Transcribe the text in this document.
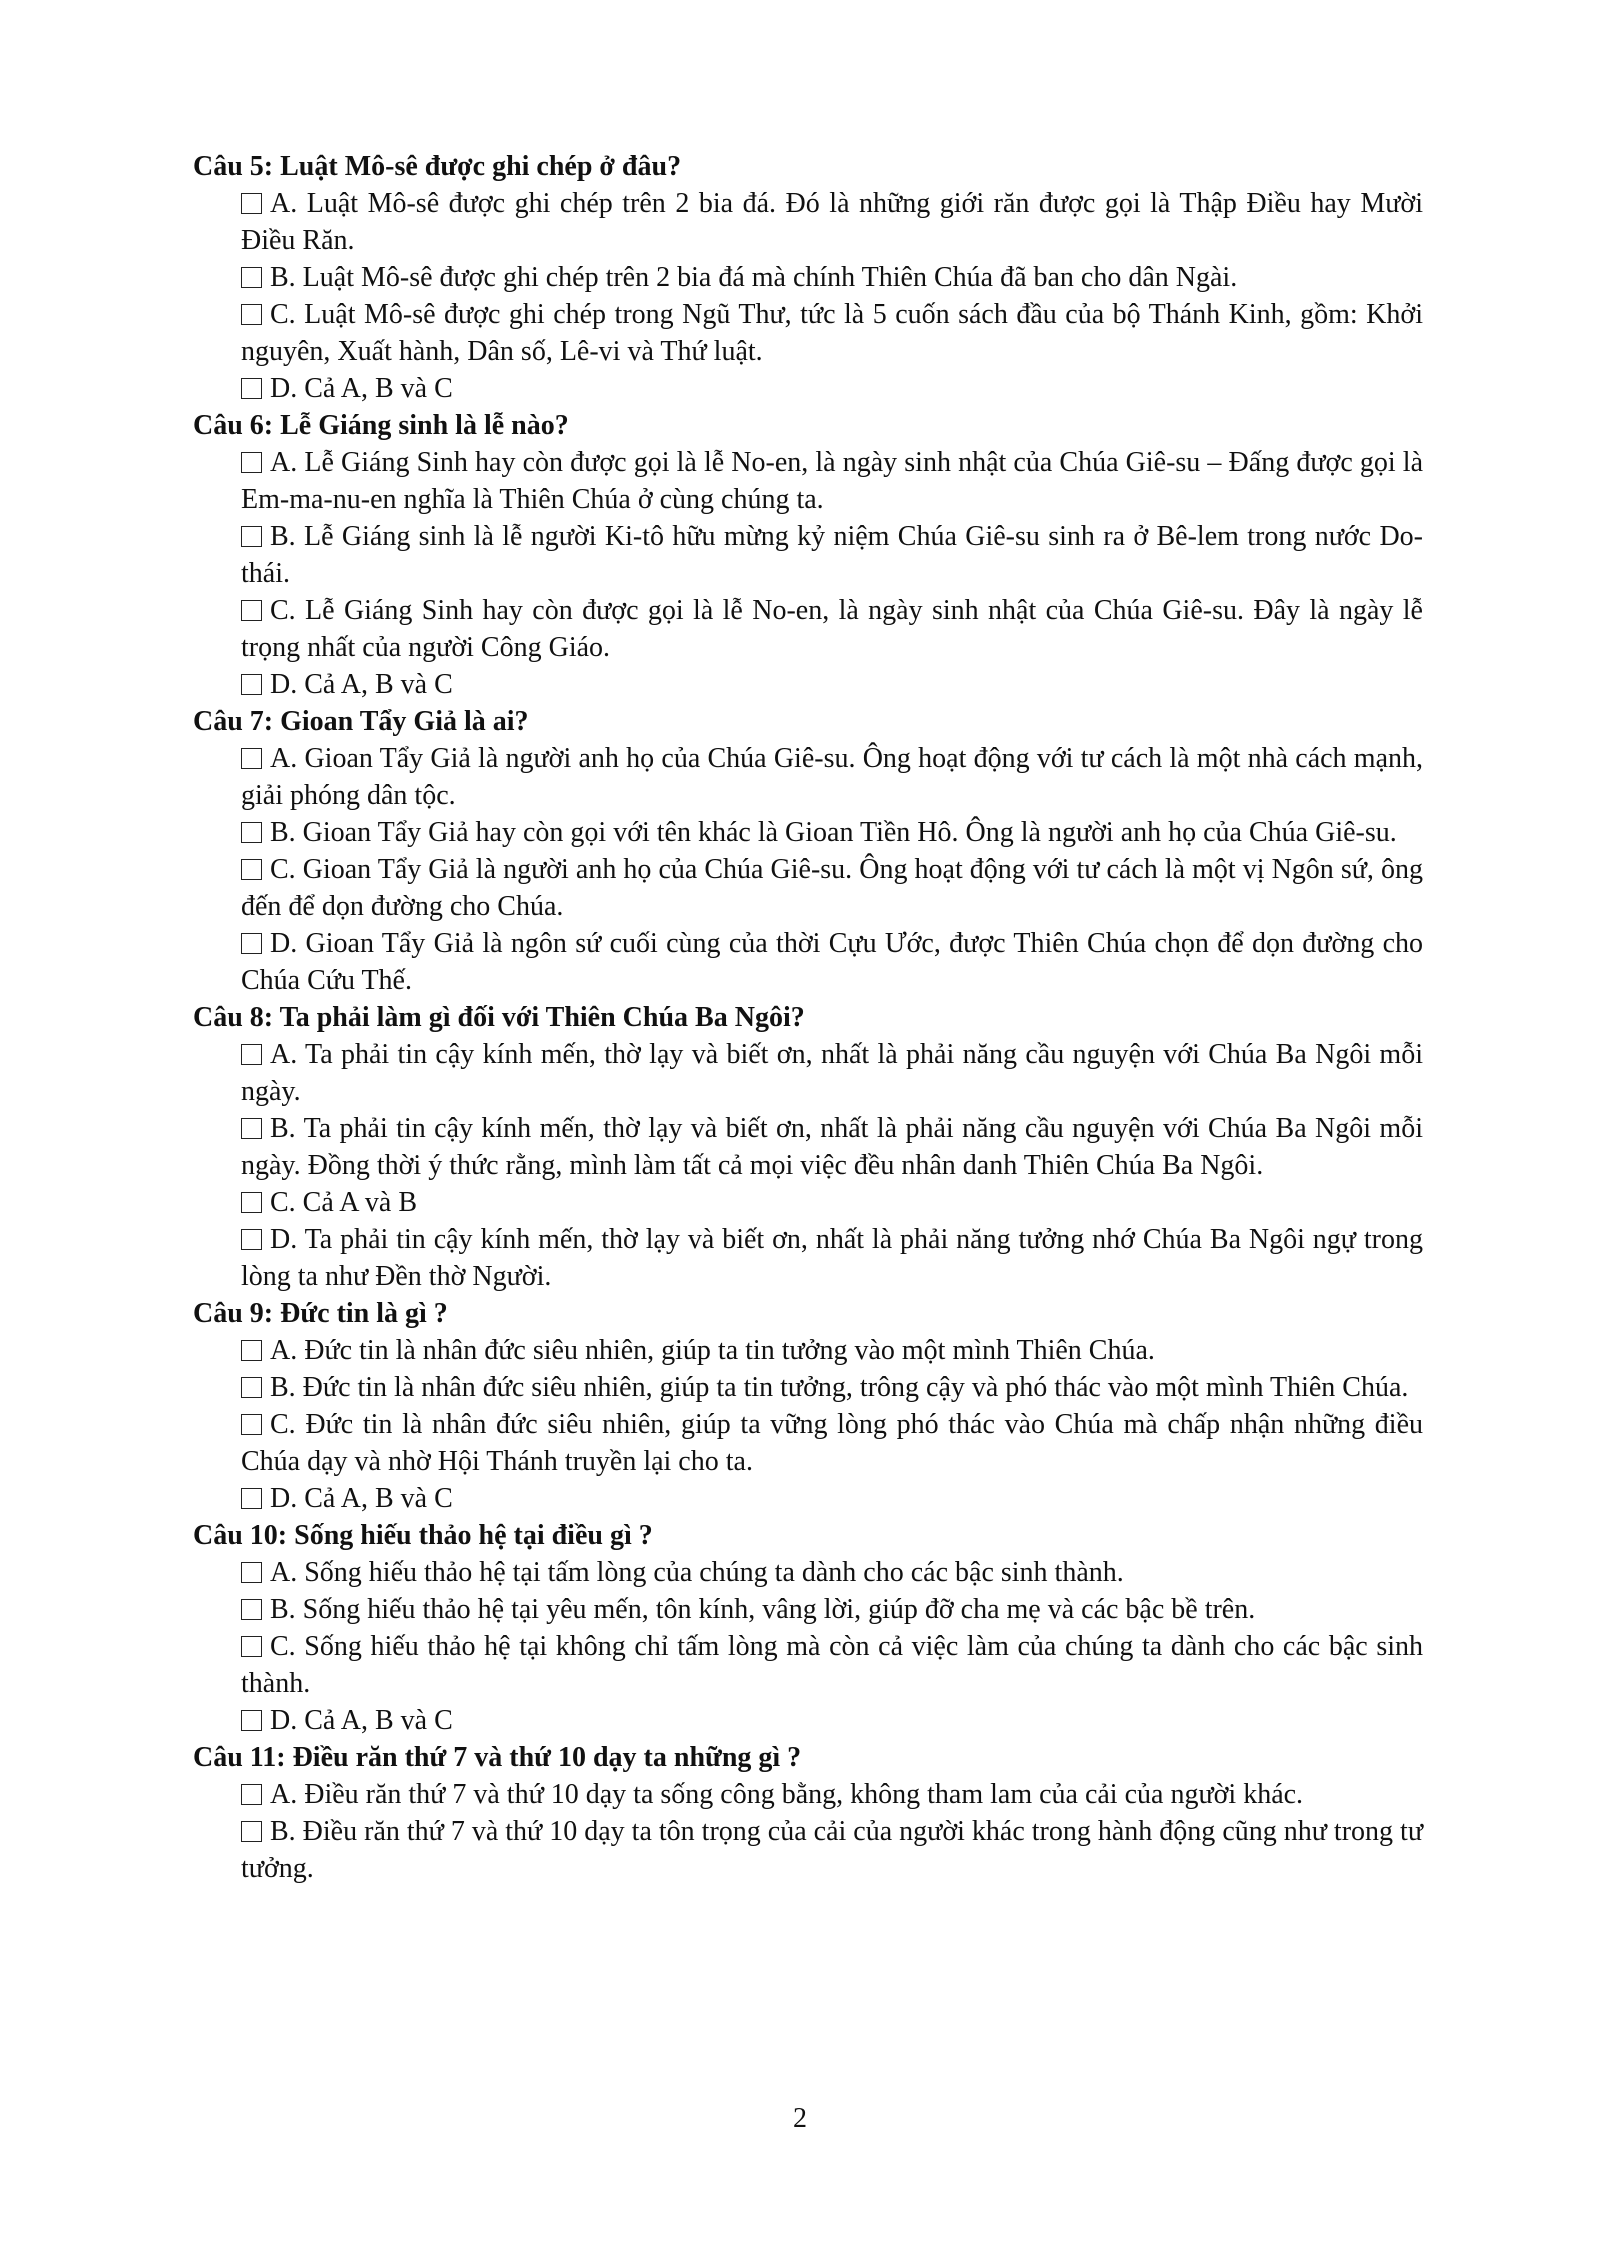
Câu 5: Luật Mô-sê được ghi chép ở đâu?

A. Luật Mô-sê được ghi chép trên 2 bia đá. Đó là những giới răn được gọi là Thập Điều hay Mười Điều Răn.

B. Luật Mô-sê được ghi chép trên 2 bia đá mà chính Thiên Chúa đã ban cho dân Ngài.

C. Luật Mô-sê được ghi chép trong Ngũ Thư, tức là 5 cuốn sách đầu của bộ Thánh Kinh, gồm: Khởi nguyên, Xuất hành, Dân số, Lê-vi và Thứ luật.

D. Cả A, B và C

Câu 6: Lễ Giáng sinh là lễ nào?

A. Lễ Giáng Sinh hay còn được gọi là lễ No-en, là ngày sinh nhật của Chúa Giê-su – Đấng được gọi là Em-ma-nu-en nghĩa là Thiên Chúa ở cùng chúng ta.

B. Lễ Giáng sinh là lễ người Ki-tô hữu mừng kỷ niệm Chúa Giê-su sinh ra ở Bê-lem trong nước Do-thái.

C. Lễ Giáng Sinh hay còn được gọi là lễ No-en, là ngày sinh nhật của Chúa Giê-su. Đây là ngày lễ trọng nhất của người Công Giáo.

D. Cả A, B và C

Câu 7: Gioan Tẩy Giả là ai?

A. Gioan Tẩy Giả là người anh họ của Chúa Giê-su. Ông hoạt động với tư cách là một nhà cách mạnh, giải phóng dân tộc.

B. Gioan Tẩy Giả hay còn gọi với tên khác là Gioan Tiền Hô. Ông là người anh họ của Chúa Giê-su.

C. Gioan Tẩy Giả là người anh họ của Chúa Giê-su. Ông hoạt động với tư cách là một vị Ngôn sứ, ông đến để dọn đường cho Chúa.

D. Gioan Tẩy Giả là ngôn sứ cuối cùng của thời Cựu Ước, được Thiên Chúa chọn để dọn đường cho Chúa Cứu Thế.

Câu 8: Ta phải làm gì đối với Thiên Chúa Ba Ngôi?

A. Ta phải tin cậy kính mến, thờ lạy và biết ơn, nhất là phải năng cầu nguyện với Chúa Ba Ngôi mỗi ngày.

B. Ta phải tin cậy kính mến, thờ lạy và biết ơn, nhất là phải năng cầu nguyện với Chúa Ba Ngôi mỗi ngày. Đồng thời ý thức rằng, mình làm tất cả mọi việc đều nhân danh Thiên Chúa Ba Ngôi.

C. Cả A và B

D. Ta phải tin cậy kính mến, thờ lạy và biết ơn, nhất là phải năng tưởng nhớ Chúa Ba Ngôi ngự trong lòng ta như Đền thờ Người.

Câu 9: Đức tin là gì ?

A. Đức tin là nhân đức siêu nhiên, giúp ta tin tưởng vào một mình Thiên Chúa.

B. Đức tin là nhân đức siêu nhiên, giúp ta tin tưởng, trông cậy và phó thác vào một mình Thiên Chúa.

C. Đức tin là nhân đức siêu nhiên, giúp ta vững lòng phó thác vào Chúa mà chấp nhận những điều Chúa dạy và nhờ Hội Thánh truyền lại cho ta.

D. Cả A, B và C

Câu 10: Sống hiếu thảo hệ tại điều gì ?

A. Sống hiếu thảo hệ tại tấm lòng của chúng ta dành cho các bậc sinh thành.

B. Sống hiếu thảo hệ tại yêu mến, tôn kính, vâng lời, giúp đỡ cha mẹ và các bậc bề trên.

C. Sống hiếu thảo hệ tại không chỉ tấm lòng mà còn cả việc làm của chúng ta dành cho các bậc sinh thành.

D. Cả A, B và C

Câu 11: Điều răn thứ 7 và thứ 10 dạy ta những gì ?

A. Điều răn thứ 7 và thứ 10 dạy ta sống công bằng, không tham lam của cải của người khác.

B. Điều răn thứ 7 và thứ 10 dạy ta tôn trọng của cải của người khác trong hành động cũng như trong tư tưởng.

2
